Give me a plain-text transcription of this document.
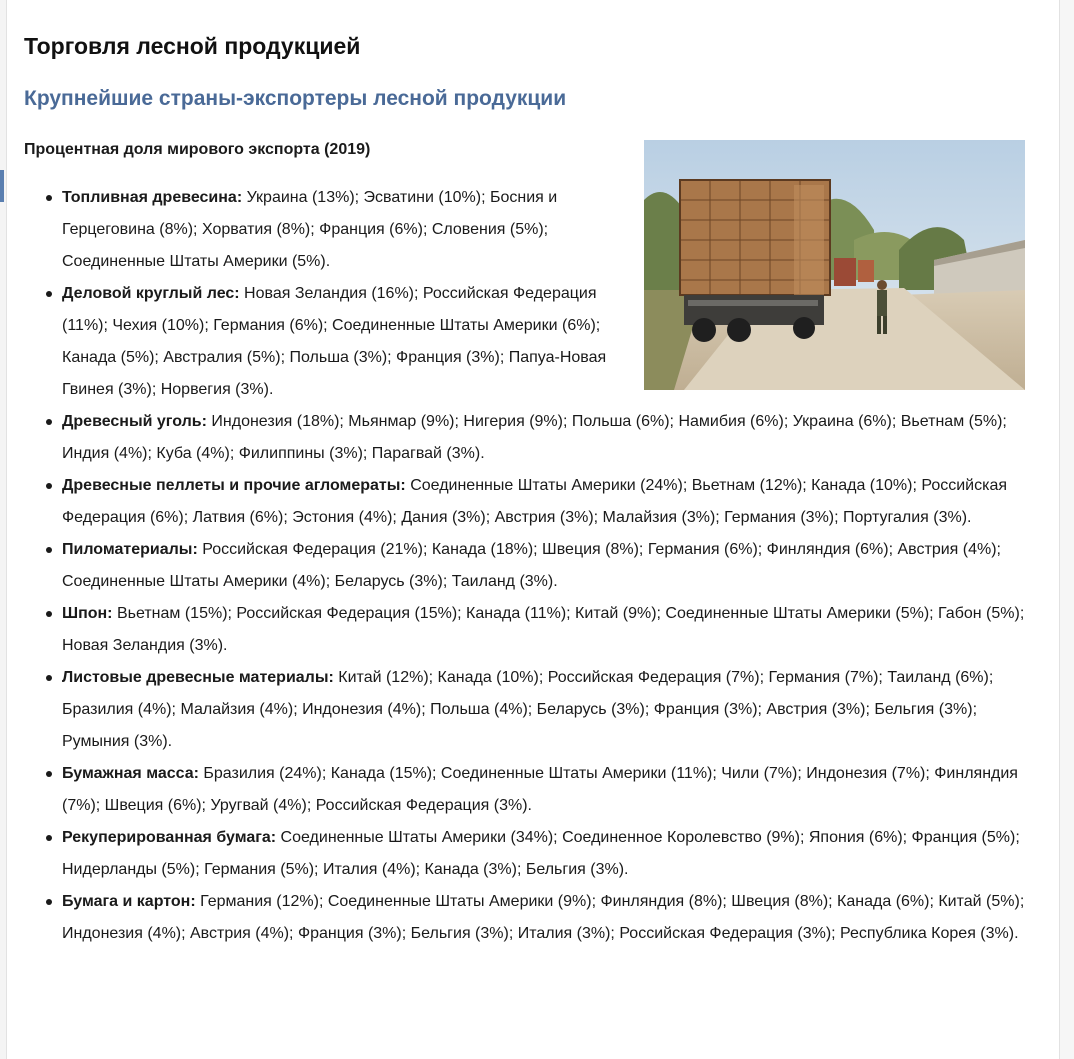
Торговля лесной продукцией
Крупнейшие страны-экспортеры лесной продукции
Процентная доля мирового экспорта (2019)
Топливная древесина: Украина (13%); Эсватини (10%); Босния и Герцеговина (8%); Хорватия (8%); Франция (6%); Словения (5%); Соединенные Штаты Америки (5%).
Деловой круглый лес: Новая Зеландия (16%); Российская Федерация (11%); Чехия (10%); Германия (6%); Соединенные Штаты Америки (6%); Канада (5%); Австралия (5%); Польша (3%); Франция (3%); Папуа-Новая Гвинея (3%); Норвегия (3%).
Древесный уголь: Индонезия (18%); Мьянмар (9%); Нигерия (9%); Польша (6%); Намибия (6%); Украина (6%); Вьетнам (5%); Индия (4%); Куба (4%); Филиппины (3%); Парагвай (3%).
Древесные пеллеты и прочие агломераты: Соединенные Штаты Америки (24%); Вьетнам (12%); Канада (10%); Российская Федерация (6%); Латвия (6%); Эстония (4%); Дания (3%); Австрия (3%); Малайзия (3%); Германия (3%); Португалия (3%).
Пиломатериалы: Российская Федерация (21%); Канада (18%); Швеция (8%); Германия (6%); Финляндия (6%); Австрия (4%); Соединенные Штаты Америки (4%); Беларусь (3%); Таиланд (3%).
Шпон: Вьетнам (15%); Российская Федерация (15%); Канада (11%); Китай (9%); Соединенные Штаты Америки (5%); Габон (5%); Новая Зеландия (3%).
Листовые древесные материалы: Китай (12%); Канада (10%); Российская Федерация (7%); Германия (7%); Таиланд (6%); Бразилия (4%); Малайзия (4%); Индонезия (4%); Польша (4%); Беларусь (3%); Франция (3%); Австрия (3%); Бельгия (3%); Румыния (3%).
Бумажная масса: Бразилия (24%); Канада (15%); Соединенные Штаты Америки (11%); Чили (7%); Индонезия (7%); Финляндия (7%); Швеция (6%); Уругвай (4%); Российская Федерация (3%).
Рекуперированная бумага: Соединенные Штаты Америки (34%); Соединенное Королевство (9%); Япония (6%); Франция (5%); Нидерланды (5%); Германия (5%); Италия (4%); Канада (3%); Бельгия (3%).
Бумага и картон: Германия (12%); Соединенные Штаты Америки (9%); Финляндия (8%); Швеция (8%); Канада (6%); Китай (5%); Индонезия (4%); Австрия (4%); Франция (3%); Бельгия (3%); Италия (3%); Российская Федерация (3%); Республика Корея (3%).
